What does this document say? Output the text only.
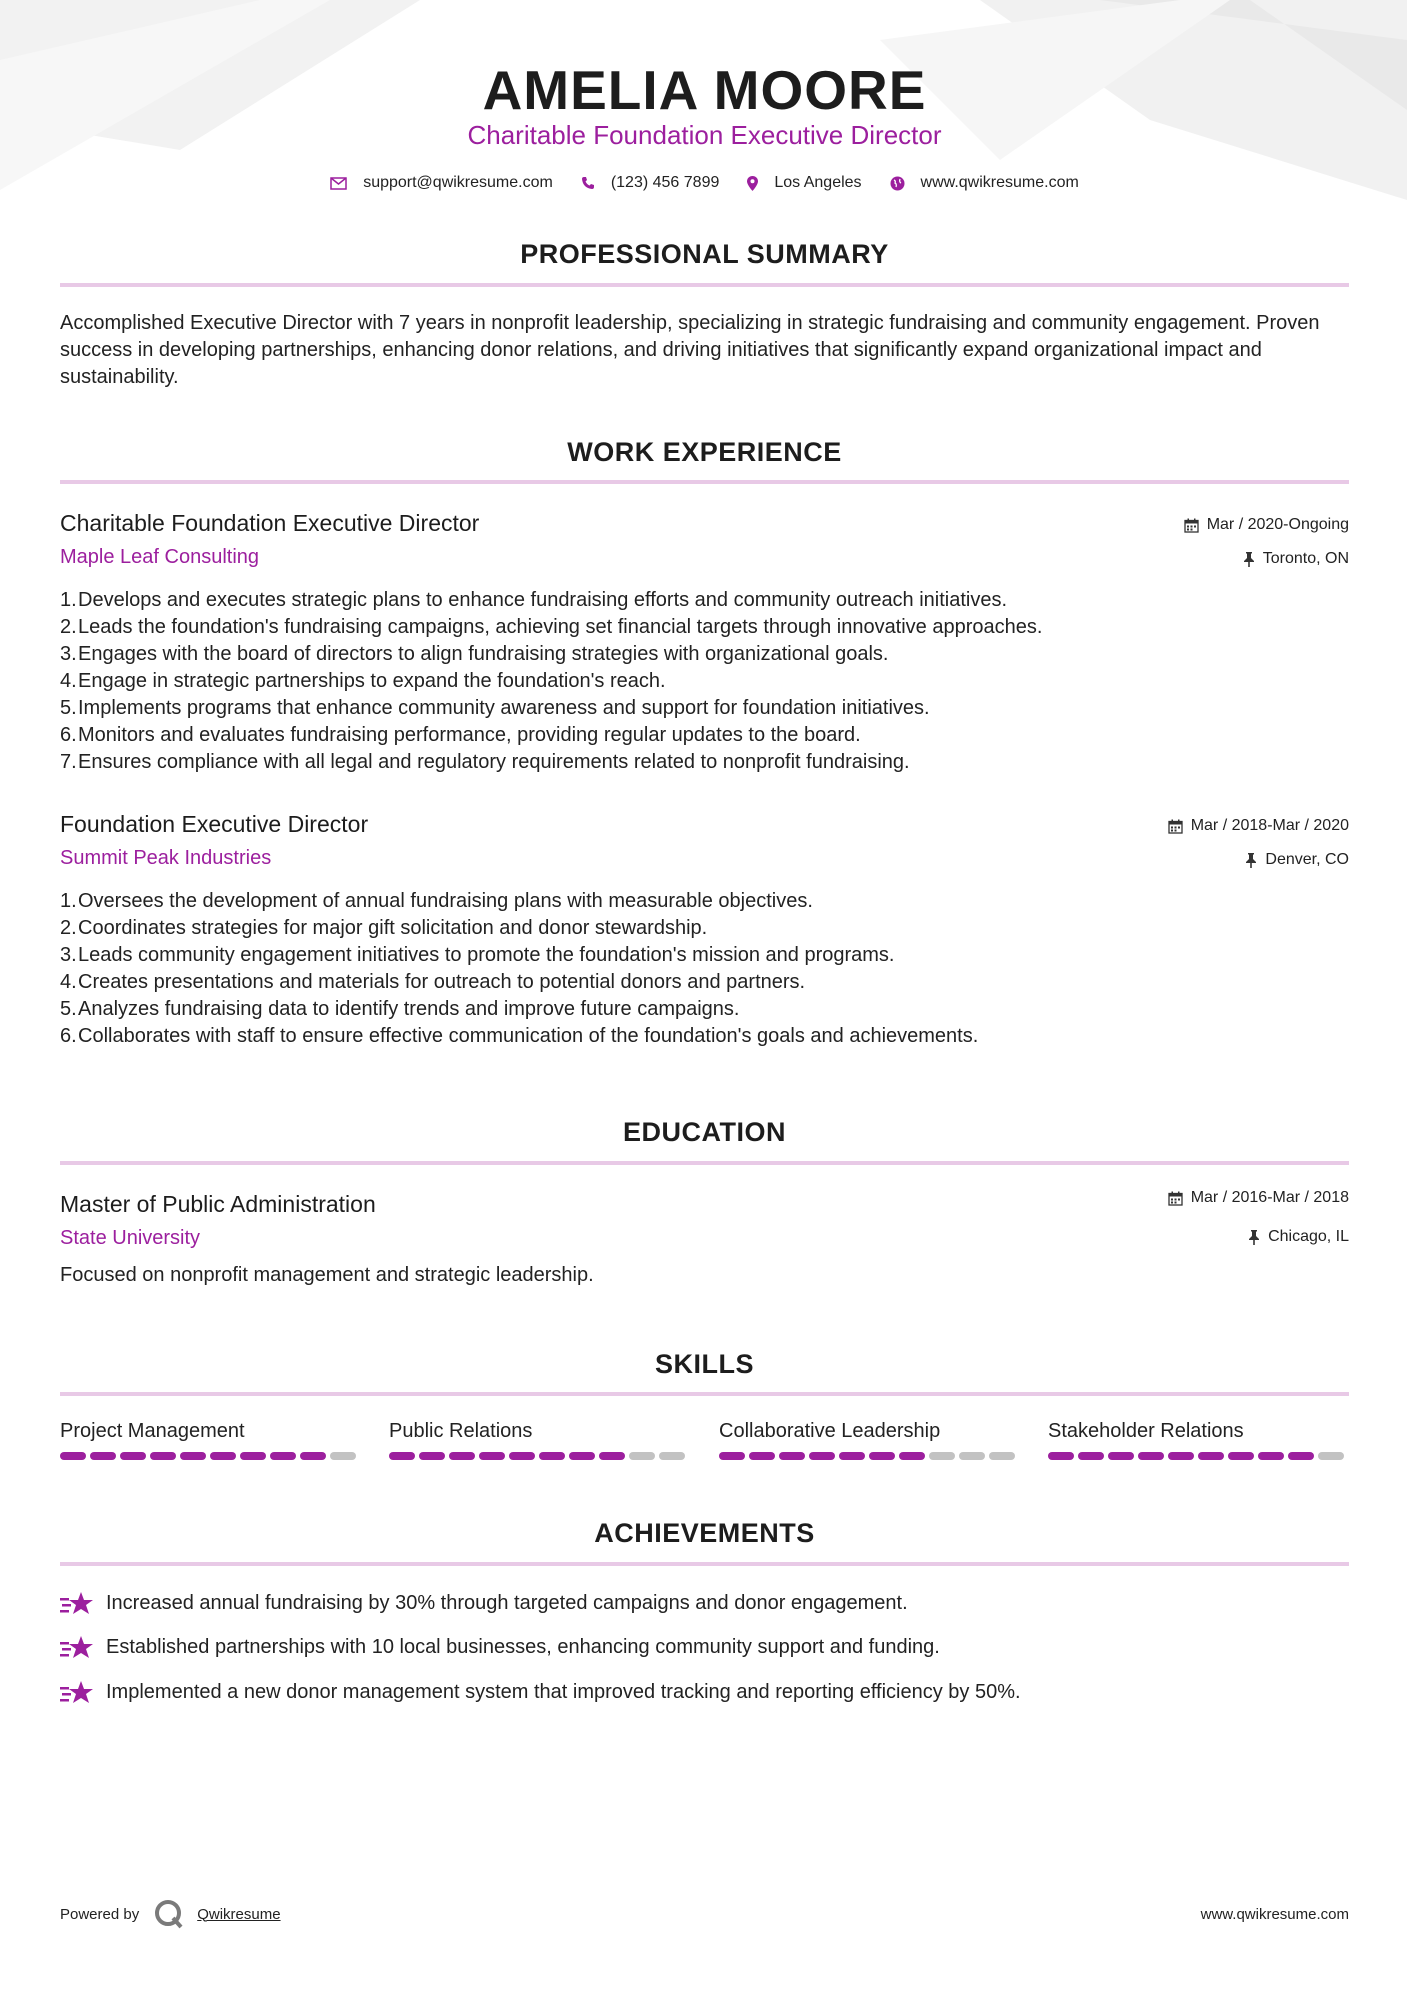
AMELIA MOORE
Charitable Foundation Executive Director
support@qwikresume.com	(123) 456 7899	Los Angeles	www.qwikresume.com
PROFESSIONAL SUMMARY
Accomplished Executive Director with 7 years in nonprofit leadership, specializing in strategic fundraising and community engagement. Proven success in developing partnerships, enhancing donor relations, and driving initiatives that significantly expand organizational impact and sustainability.
WORK EXPERIENCE
Charitable Foundation Executive Director
Maple Leaf Consulting
Mar / 2020-Ongoing
Toronto, ON
1. Develops and executes strategic plans to enhance fundraising efforts and community outreach initiatives.
2. Leads the foundation's fundraising campaigns, achieving set financial targets through innovative approaches.
3. Engages with the board of directors to align fundraising strategies with organizational goals.
4. Engage in strategic partnerships to expand the foundation's reach.
5. Implements programs that enhance community awareness and support for foundation initiatives.
6. Monitors and evaluates fundraising performance, providing regular updates to the board.
7. Ensures compliance with all legal and regulatory requirements related to nonprofit fundraising.
Foundation Executive Director
Summit Peak Industries
Mar / 2018-Mar / 2020
Denver, CO
1. Oversees the development of annual fundraising plans with measurable objectives.
2. Coordinates strategies for major gift solicitation and donor stewardship.
3. Leads community engagement initiatives to promote the foundation's mission and programs.
4. Creates presentations and materials for outreach to potential donors and partners.
5. Analyzes fundraising data to identify trends and improve future campaigns.
6. Collaborates with staff to ensure effective communication of the foundation's goals and achievements.
EDUCATION
Master of Public Administration
State University
Mar / 2016-Mar / 2018
Chicago, IL
Focused on nonprofit management and strategic leadership.
SKILLS
Project Management	Public Relations	Collaborative Leadership	Stakeholder Relations
ACHIEVEMENTS
Increased annual fundraising by 30% through targeted campaigns and donor engagement.
Established partnerships with 10 local businesses, enhancing community support and funding.
Implemented a new donor management system that improved tracking and reporting efficiency by 50%.
Powered by	Qwikresume	www.qwikresume.com
